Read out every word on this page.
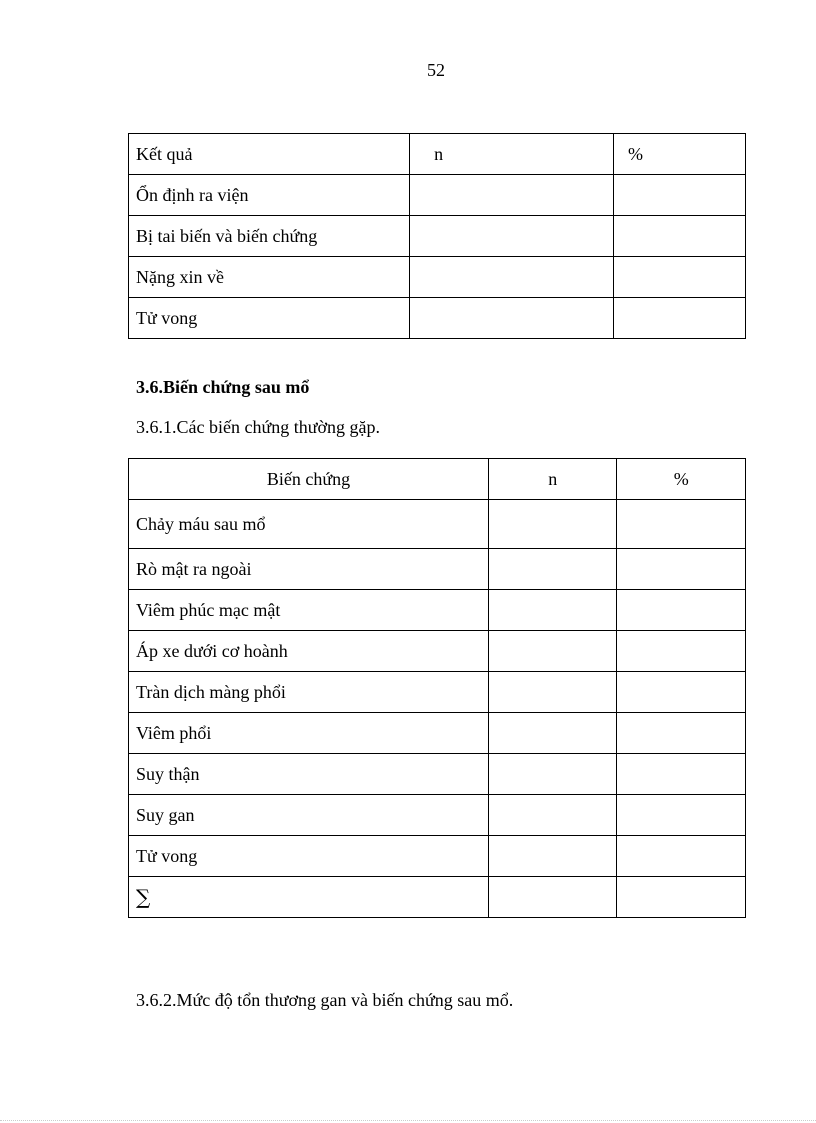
52
Kết quả	n	%
Ổn định ra viện		
Bị tai biến và biến chứng		
Nặng xin về		
Tử vong		
3.6.Biến chứng sau mổ
3.6.1.Các biến chứng thường gặp.
Biến chứng	n	%
Chảy máu sau mổ		
Rò mật ra ngoài		
Viêm phúc mạc mật		
Áp xe dưới cơ hoành		
Tràn dịch màng phổi		
Viêm phổi		
Suy thận		
Suy gan		
Tử vong		
∑		
3.6.2.Mức độ tổn thương gan và biến chứng sau mổ.
